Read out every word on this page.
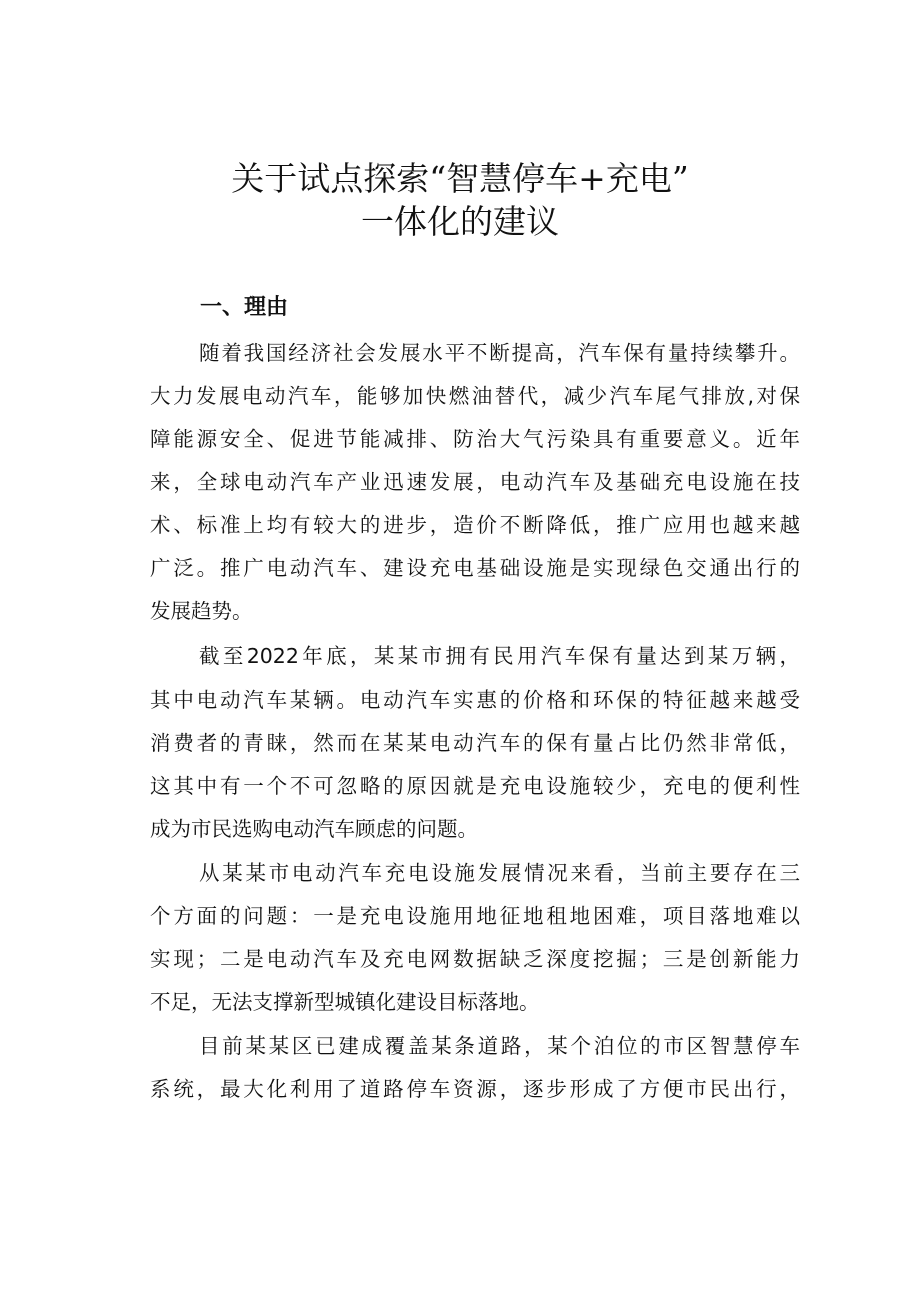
关于试点探索“智慧停车+充电”
一体化的建议
一、理由
随着我国经济社会发展水平不断提高，汽车保有量持续攀升。
大力发展电动汽车，能够加快燃油替代，减少汽车尾气排放,对保
障能源安全、促进节能减排、防治大气污染具有重要意义。近年
来，全球电动汽车产业迅速发展，电动汽车及基础充电设施在技
术、标准上均有较大的进步，造价不断降低，推广应用也越来越
广泛。推广电动汽车、建设充电基础设施是实现绿色交通出行的
发展趋势。
截至2022年底，某某市拥有民用汽车保有量达到某万辆，
其中电动汽车某辆。电动汽车实惠的价格和环保的特征越来越受
消费者的青睐，然而在某某电动汽车的保有量占比仍然非常低，
这其中有一个不可忽略的原因就是充电设施较少，充电的便利性
成为市民选购电动汽车顾虑的问题。
从某某市电动汽车充电设施发展情况来看，当前主要存在三
个方面的问题：一是充电设施用地征地租地困难，项目落地难以
实现；二是电动汽车及充电网数据缺乏深度挖掘；三是创新能力
不足，无法支撑新型城镇化建设目标落地。
目前某某区已建成覆盖某条道路，某个泊位的市区智慧停车
系统，最大化利用了道路停车资源，逐步形成了方便市民出行，
